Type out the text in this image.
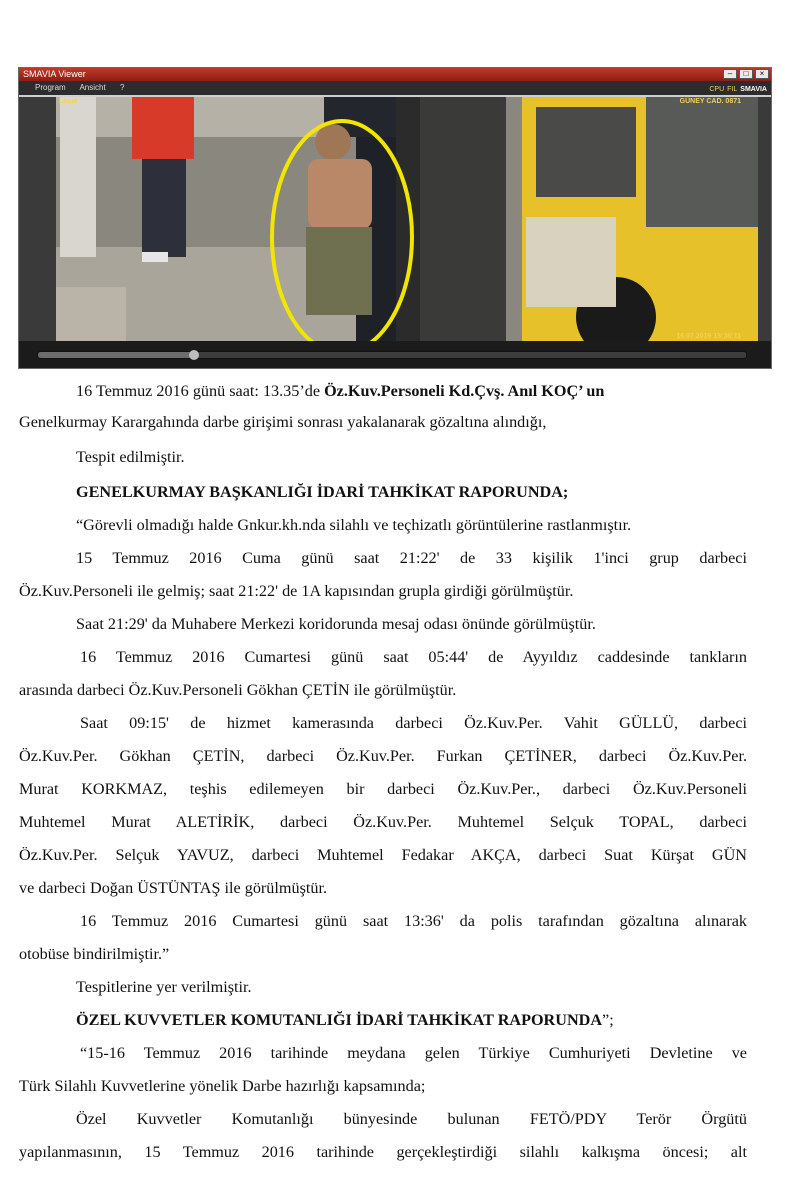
SMAVIA Viewer	–	□	×
Program Ansicht ?	CPU FIL SMAVIA
Local	GÜNEY CAD. 0871
16.07.2016 13:36:11
16 Temmuz 2016 günü saat: 13.35’de Öz.Kuv.Personeli Kd.Çvş. Anıl KOÇ’ un
Genelkurmay Karargahında darbe girişimi sonrası yakalanarak gözaltına alındığı,
Tespit edilmiştir.
GENELKURMAY BAŞKANLIĞI İDARİ TAHKİKAT RAPORUNDA;
“Görevli olmadığı halde Gnkur.kh.nda silahlı ve teçhizatlı görüntülerine rastlanmıştır.
15 Temmuz 2016 Cuma günü saat 21:22' de 33 kişilik 1'inci grup darbeci
Öz.Kuv.Personeli ile gelmiş; saat 21:22' de 1A kapısından grupla girdiği görülmüştür.
Saat 21:29' da Muhabere Merkezi koridorunda mesaj odası önünde görülmüştür.
16 Temmuz 2016 Cumartesi günü saat 05:44' de Ayyıldız caddesinde tankların
arasında darbeci Öz.Kuv.Personeli Gökhan ÇETİN ile görülmüştür.
Saat 09:15' de hizmet kamerasında darbeci Öz.Kuv.Per. Vahit GÜLLÜ, darbeci
Öz.Kuv.Per. Gökhan ÇETİN, darbeci Öz.Kuv.Per. Furkan ÇETİNER, darbeci Öz.Kuv.Per.
Murat KORKMAZ, teşhis edilemeyen bir darbeci Öz.Kuv.Per., darbeci Öz.Kuv.Personeli
Muhtemel Murat ALETİRİK, darbeci Öz.Kuv.Per. Muhtemel Selçuk TOPAL, darbeci
Öz.Kuv.Per. Selçuk YAVUZ, darbeci Muhtemel Fedakar AKÇA, darbeci Suat Kürşat GÜN
ve darbeci Doğan ÜSTÜNTAŞ ile görülmüştür.
16 Temmuz 2016 Cumartesi günü saat 13:36' da polis tarafından gözaltına alınarak
otobüse bindirilmiştir.”
Tespitlerine yer verilmiştir.
ÖZEL KUVVETLER KOMUTANLIĞI İDARİ TAHKİKAT RAPORUNDA”;
“15-16 Temmuz 2016 tarihinde meydana gelen Türkiye Cumhuriyeti Devletine ve
Türk Silahlı Kuvvetlerine yönelik Darbe hazırlığı kapsamında;
Özel Kuvvetler Komutanlığı bünyesinde bulunan FETÖ/PDY Terör Örgütü
yapılanmasının, 15 Temmuz 2016 tarihinde gerçekleştirdiği silahlı kalkışma öncesi; alt
